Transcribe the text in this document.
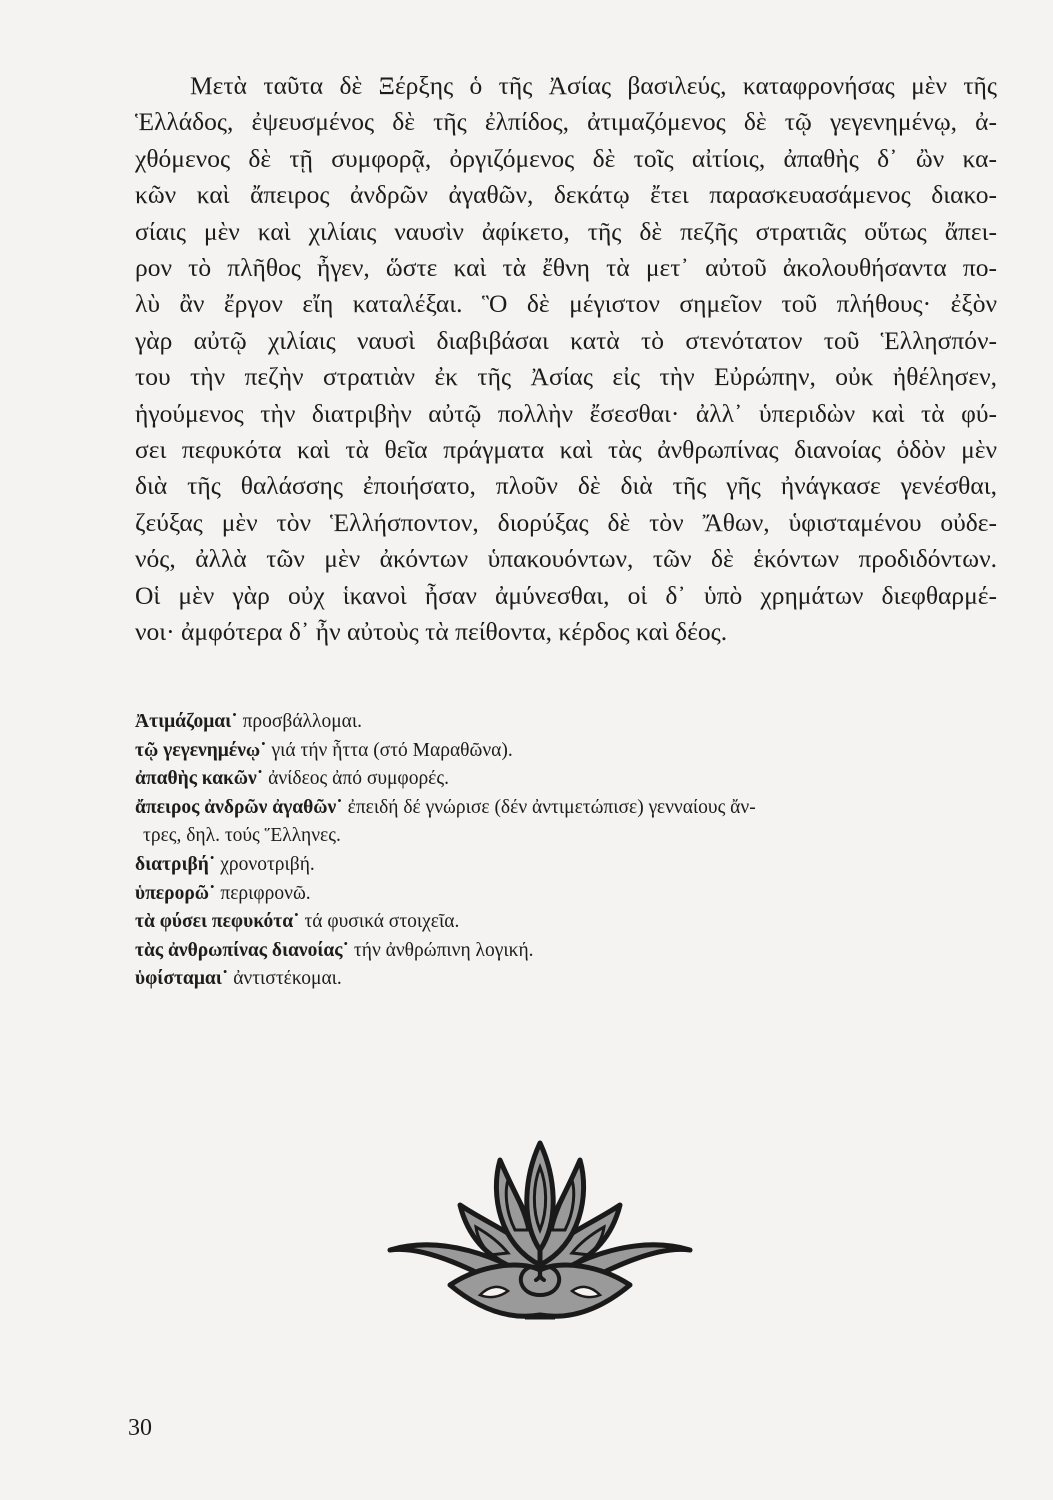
Μετὰ ταῦτα δὲ Ξέρξης ὁ τῆς Ἀσίας βασιλεύς, καταφρονήσας μὲν τῆς
Ἑλλάδος, ἐψευσμένος δὲ τῆς ἐλπίδος, ἀτιμαζόμενος δὲ τῷ γεγενημένῳ, ἀ-
χθόμενος δὲ τῇ συμφορᾷ, ὀργιζόμενος δὲ τοῖς αἰτίοις, ἀπαθὴς δ᾽ ὢν κα-
κῶν καὶ ἄπειρος ἀνδρῶν ἀγαθῶν, δεκάτῳ ἔτει παρασκευασάμενος διακο-
σίαις μὲν καὶ χιλίαις ναυσὶν ἀφίκετο, τῆς δὲ πεζῆς στρατιᾶς οὕτως ἄπει-
ρον τὸ πλῆθος ἦγεν, ὥστε καὶ τὰ ἔθνη τὰ μετ᾽ αὐτοῦ ἀκολουθήσαντα πο-
λὺ ἂν ἔργον εἴη καταλέξαι. Ὃ δὲ μέγιστον σημεῖον τοῦ πλήθους· ἐξὸν
γὰρ αὐτῷ χιλίαις ναυσὶ διαβιβάσαι κατὰ τὸ στενότατον τοῦ Ἑλλησπόν-
του τὴν πεζὴν στρατιὰν ἐκ τῆς Ἀσίας εἰς τὴν Εὐρώπην, οὐκ ἠθέλησεν,
ἡγούμενος τὴν διατριβὴν αὐτῷ πολλὴν ἔσεσθαι· ἀλλ᾽ ὑπεριδὼν καὶ τὰ φύ-
σει πεφυκότα καὶ τὰ θεῖα πράγματα καὶ τὰς ἀνθρωπίνας διανοίας ὁδὸν μὲν
διὰ τῆς θαλάσσης ἐποιήσατο, πλοῦν δὲ διὰ τῆς γῆς ἠνάγκασε γενέσθαι,
ζεύξας μὲν τὸν Ἑλλήσποντον, διορύξας δὲ τὸν Ἄθων, ὑφισταμένου οὐδε-
νός, ἀλλὰ τῶν μὲν ἀκόντων ὑπακουόντων, τῶν δὲ ἑκόντων προδιδόντων.
Οἱ μὲν γὰρ οὐχ ἱκανοὶ ἦσαν ἀμύνεσθαι, οἱ δ᾽ ὑπὸ χρημάτων διεφθαρμέ-
νοι· ἀμφότερα δ᾽ ἦν αὐτοὺς τὰ πείθοντα, κέρδος καὶ δέος.
Ἀτιμάζομαι˙ προσβάλλομαι.
τῷ γεγενημένῳ˙ γιά τήν ἧττα (στό Μαραθῶνα).
ἀπαθὴς κακῶν˙ ἀνίδεος ἀπό συμφορές.
ἄπειρος ἀνδρῶν ἀγαθῶν˙ ἐπειδή δέ γνώρισε (δέν ἀντιμετώπισε) γενναίους ἄν-
τρες, δηλ. τούς Ἕλληνες.
διατριβή˙ χρονοτριβή.
ὑπερορῶ˙ περιφρονῶ.
τὰ φύσει πεφυκότα˙ τά φυσικά στοιχεῖα.
τὰς ἀνθρωπίνας διανοίας˙ τήν ἀνθρώπινη λογική.
ὑφίσταμαι˙ ἀντιστέκομαι.
30
